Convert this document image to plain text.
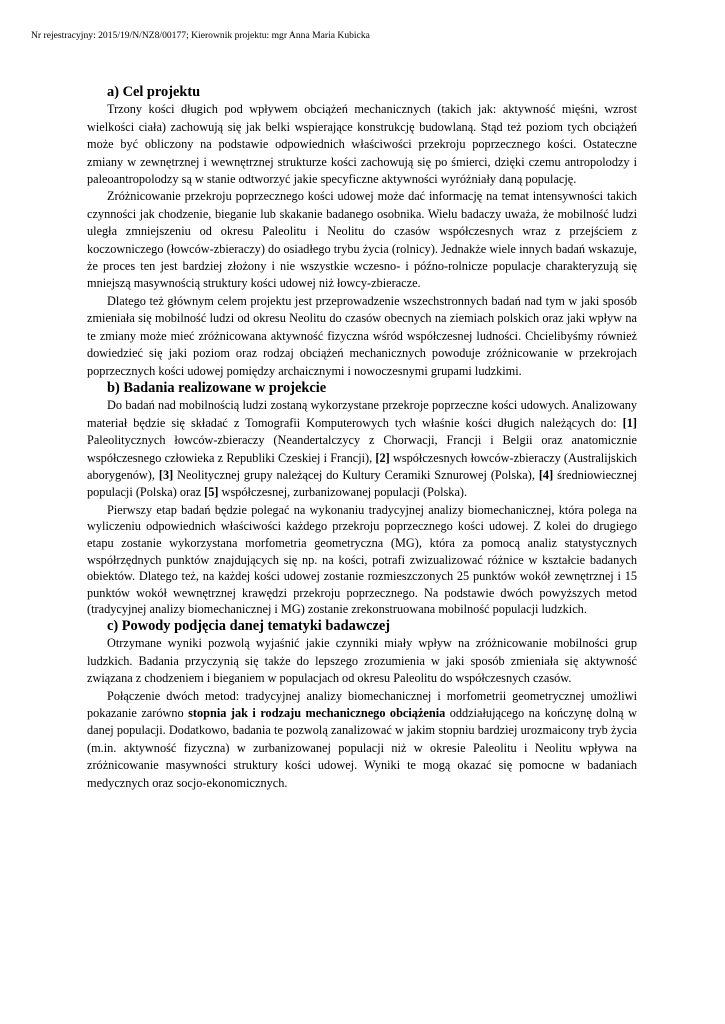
Nr rejestracyjny: 2015/19/N/NZ8/00177; Kierownik projektu: mgr Anna Maria Kubicka
a) Cel projektu

Trzony kości długich pod wpływem obciążeń mechanicznych (takich jak: aktywność mięśni, wzrost wielkości ciała) zachowują się jak belki wspierające konstrukcję budowlaną. Stąd też poziom tych obciążeń może być obliczony na podstawie odpowiednich właściwości przekroju poprzecznego kości. Ostateczne zmiany w zewnętrznej i wewnętrznej strukturze kości zachowują się po śmierci, dzięki czemu antropolodzy i paleoantropolodzy są w stanie odtworzyć jakie specyficzne aktywności wyróżniały daną populację.

Zróżnicowanie przekroju poprzecznego kości udowej może dać informację na temat intensywności takich czynności jak chodzenie, bieganie lub skakanie badanego osobnika. Wielu badaczy uważa, że mobilność ludzi uległa zmniejszeniu od okresu Paleolitu i Neolitu do czasów współczesnych wraz z przejściem z koczowniczego (łowców-zbieraczy) do osiadłego trybu życia (rolnicy). Jednakże wiele innych badań wskazuje, że proces ten jest bardziej złożony i nie wszystkie wczesno- i późno-rolnicze populacje charakteryzują się mniejszą masywnością struktury kości udowej niż łowcy-zbieracze.

Dlatego też głównym celem projektu jest przeprowadzenie wszechstronnych badań nad tym w jaki sposób zmieniała się mobilność ludzi od okresu Neolitu do czasów obecnych na ziemiach polskich oraz jaki wpływ na te zmiany może mieć zróżnicowana aktywność fizyczna wśród współczesnej ludności. Chcielibyśmy również dowiedzieć się jaki poziom oraz rodzaj obciążeń mechanicznych powoduje zróżnicowanie w przekrojach poprzecznych kości udowej pomiędzy archaicznymi i nowoczesnymi grupami ludzkimi.

b) Badania realizowane w projekcie

Do badań nad mobilnością ludzi zostaną wykorzystane przekroje poprzeczne kości udowych. Analizowany materiał będzie się składać z Tomografii Komputerowych tych właśnie kości długich należących do: [1] Paleolitycznych łowców-zbieraczy (Neandertalczycy z Chorwacji, Francji i Belgii oraz anatomicznie współczesnego człowieka z Republiki Czeskiej i Francji), [2] współczesnych łowców-zbieraczy (Australijskich aborygenów), [3] Neolitycznej grupy należącej do Kultury Ceramiki Sznurowej (Polska), [4] średniowiecznej populacji (Polska) oraz [5] współczesnej, zurbanizowanej populacji (Polska).

Pierwszy etap badań będzie polegać na wykonaniu tradycyjnej analizy biomechanicznej, która polega na wyliczeniu odpowiednich właściwości każdego przekroju poprzecznego kości udowej. Z kolei do drugiego etapu zostanie wykorzystana morfometria geometryczna (MG), która za pomocą analiz statystycznych współrzędnych punktów znajdujących się np. na kości, potrafi zwizualizować różnice w kształcie badanych obiektów. Dlatego też, na każdej kości udowej zostanie rozmieszczonych 25 punktów wokół zewnętrznej i 15 punktów wokół wewnętrznej krawędzi przekroju poprzecznego. Na podstawie dwóch powyższych metod (tradycyjnej analizy biomechanicznej i MG) zostanie zrekonstruowana mobilność populacji ludzkich.

c) Powody podjęcia danej tematyki badawczej

Otrzymane wyniki pozwolą wyjaśnić jakie czynniki miały wpływ na zróżnicowanie mobilności grup ludzkich. Badania przyczynią się także do lepszego zrozumienia w jaki sposób zmieniała się aktywność związana z chodzeniem i bieganiem w populacjach od okresu Paleolitu do współczesnych czasów.

Połączenie dwóch metod: tradycyjnej analizy biomechanicznej i morfometrii geometrycznej umożliwi pokazanie zarówno stopnia jak i rodzaju mechanicznego obciążenia oddziałującego na kończynę dolną w danej populacji. Dodatkowo, badania te pozwolą zanalizować w jakim stopniu bardziej urozmaicony tryb życia (m.in. aktywność fizyczna) w zurbanizowanej populacji niż w okresie Paleolitu i Neolitu wpływa na zróżnicowanie masywności struktury kości udowej. Wyniki te mogą okazać się pomocne w badaniach medycznych oraz socjo-ekonomicznych.
